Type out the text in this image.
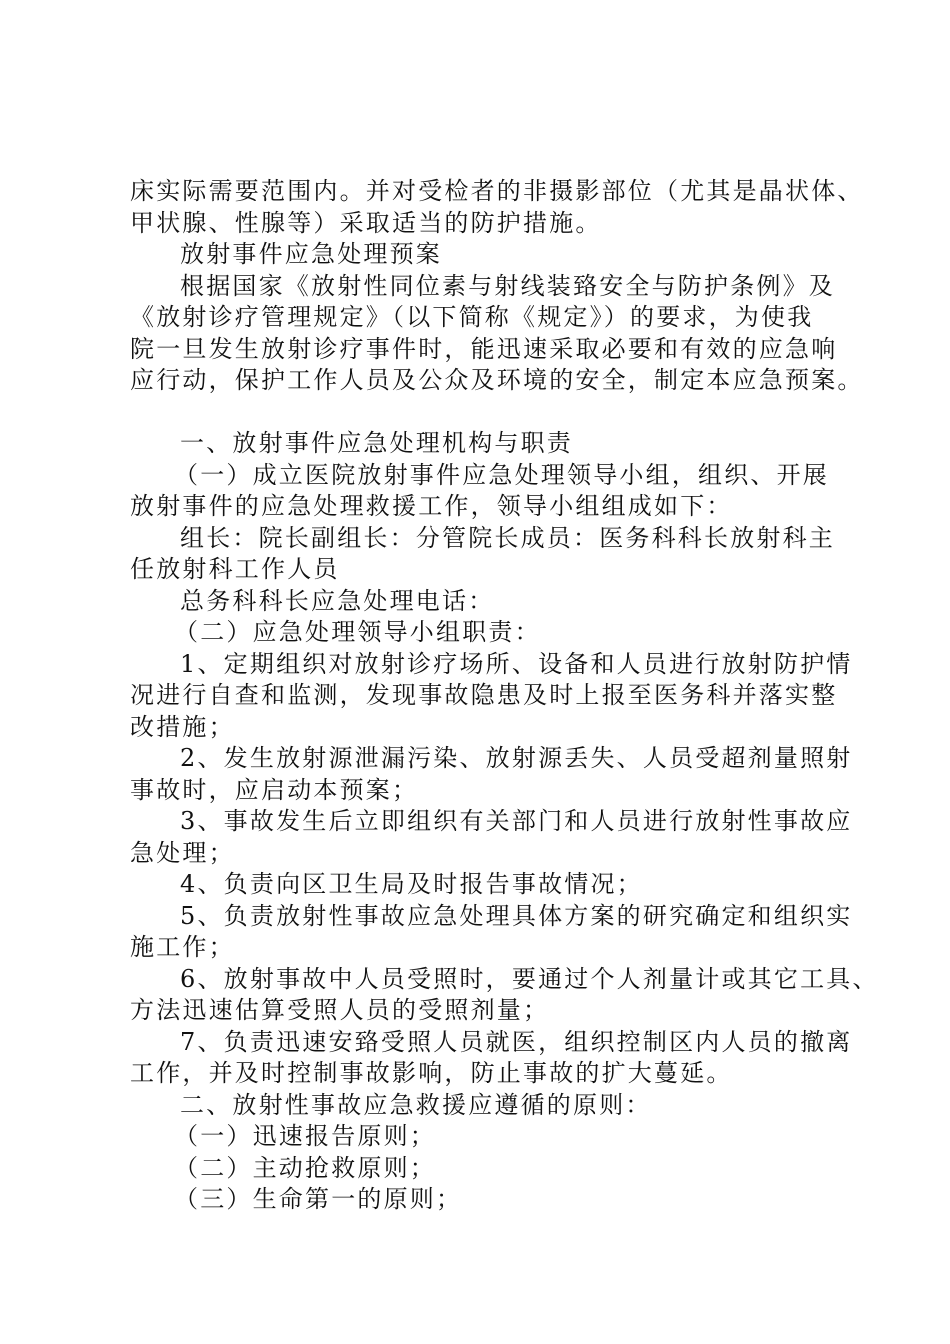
床实际需要范围内。并对受检者的非摄影部位（尤其是晶状体、
甲状腺、性腺等）采取适当的防护措施。
放射事件应急处理预案
根据国家《放射性同位素与射线装臵安全与防护条例》及
《放射诊疗管理规定》（以下简称《规定》）的要求，为使我
院一旦发生放射诊疗事件时，能迅速采取必要和有效的应急响
应行动，保护工作人员及公众及环境的安全，制定本应急预案。
一、放射事件应急处理机构与职责
（一）成立医院放射事件应急处理领导小组，组织、开展
放射事件的应急处理救援工作，领导小组组成如下：
组长：院长副组长：分管院长成员：医务科科长放射科主
任放射科工作人员
总务科科长应急处理电话：
（二）应急处理领导小组职责：
1、定期组织对放射诊疗场所、设备和人员进行放射防护情
况进行自查和监测，发现事故隐患及时上报至医务科并落实整
改措施；
2、发生放射源泄漏污染、放射源丢失、人员受超剂量照射
事故时，应启动本预案；
3、事故发生后立即组织有关部门和人员进行放射性事故应
急处理；
4、负责向区卫生局及时报告事故情况；
5、负责放射性事故应急处理具体方案的研究确定和组织实
施工作；
6、放射事故中人员受照时，要通过个人剂量计或其它工具、
方法迅速估算受照人员的受照剂量；
7、负责迅速安臵受照人员就医，组织控制区内人员的撤离
工作，并及时控制事故影响，防止事故的扩大蔓延。
二、放射性事故应急救援应遵循的原则：
（一）迅速报告原则；
（二）主动抢救原则；
（三）生命第一的原则；
